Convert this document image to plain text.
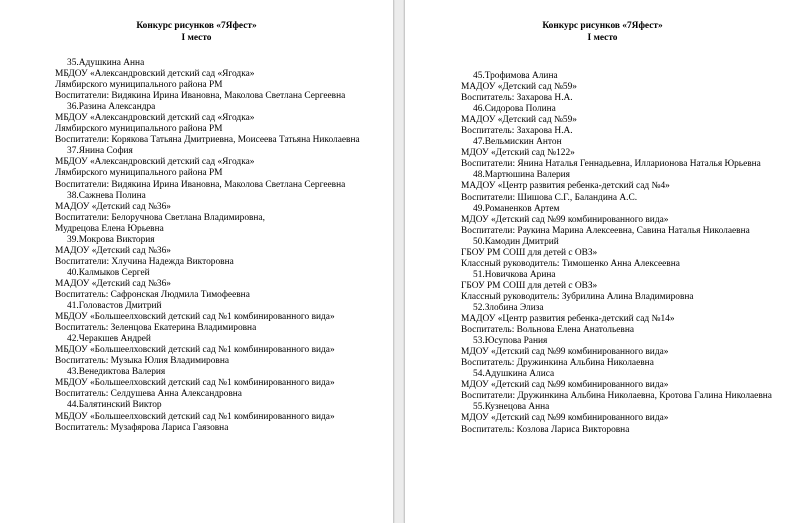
Конкурс рисунков «7Яфест»
I место
35.Адушкина Анна
МБДОУ «Александровский детский сад «Ягодка»
Лямбирского муниципального района РМ
Воспитатели: Видякина Ирина Ивановна, Маколова Светлана Сергеевна
36.Разина Александра
МБДОУ «Александровский детский сад «Ягодка»
Лямбирского муниципального района РМ
Воспитатели: Корякова Татьяна Дмитриевна, Моисеева Татьяна Николаевна
37.Янина София
МБДОУ «Александровский детский сад «Ягодка»
Лямбирского муниципального района РМ
Воспитатели: Видякина Ирина Ивановна, Маколова Светлана Сергеевна
38.Сажнева Полина
МАДОУ «Детский сад №36»
Воспитатели: Белоручнова Светлана Владимировна,
Мудрецова Елена Юрьевна
39.Мокрова Виктория
МАДОУ «Детский сад №36»
Воспитатели: Хлучина Надежда Викторовна
40.Калмыков Сергей
МАДОУ «Детский сад №36»
Воспитатель: Сафронская Людмила Тимофеевна
41.Головастов Дмитрий
МБДОУ «Большеелховский детский сад №1 комбинированного вида»
Воспитатель: Зеленцова Екатерина Владимировна
42.Черакшев Андрей
МБДОУ «Большеелховский детский сад №1 комбинированного вида»
Воспитатель: Музыка Юлия Владимировна
43.Венедиктова Валерия
МБДОУ «Большеелховский детский сад №1 комбинированного вида»
Воспитатель: Селдушева Анна Александровна
44.Балятинский Виктор
МБДОУ «Большеелховский детский сад №1 комбинированного вида»
Воспитатель: Музафярова Лариса Гаязовна
Конкурс рисунков «7Яфест»
I место
45.Трофимова Алина
МАДОУ «Детский сад №59»
Воспитатель: Захарова Н.А.
46.Сидорова Полина
МАДОУ «Детский сад №59»
Воспитатель: Захарова Н.А.
47.Вельмискин Антон
МДОУ «Детский сад №122»
Воспитатели: Янина Наталья Геннадьевна, Илларионова Наталья Юрьевна
48.Мартюшина Валерия
МАДОУ «Центр развития ребенка-детский сад №4»
Воспитатели: Шишова С.Г., Баландина А.С.
49.Романенков Артем
МДОУ «Детский сад №99 комбинированного вида»
Воспитатели: Раукина Марина Алексеевна, Савина Наталья Николаевна
50.Камодин Дмитрий
ГБОУ РМ СОШ для детей с ОВЗ»
Классный руководитель: Тимошенко Анна Алексеевна
51.Новичкова Арина
ГБОУ РМ СОШ для детей с ОВЗ»
Классный руководитель: Зубрилина Алина Владимировна
52.Злобина Элиза
МАДОУ «Центр развития ребенка-детский сад №14»
Воспитатель: Вольнова Елена Анатольевна
53.Юсупова Рания
МДОУ «Детский сад №99 комбинированного вида»
Воспитатель: Дружинкина Альбина Николаевна
54.Адушкина Алиса
МДОУ «Детский сад №99 комбинированного вида»
Воспитатели: Дружинкина Альбина Николаевна, Кротова Галина Николаевна
55.Кузнецова Анна
МДОУ «Детский сад №99 комбинированного вида»
Воспитатель: Козлова Лариса Викторовна
